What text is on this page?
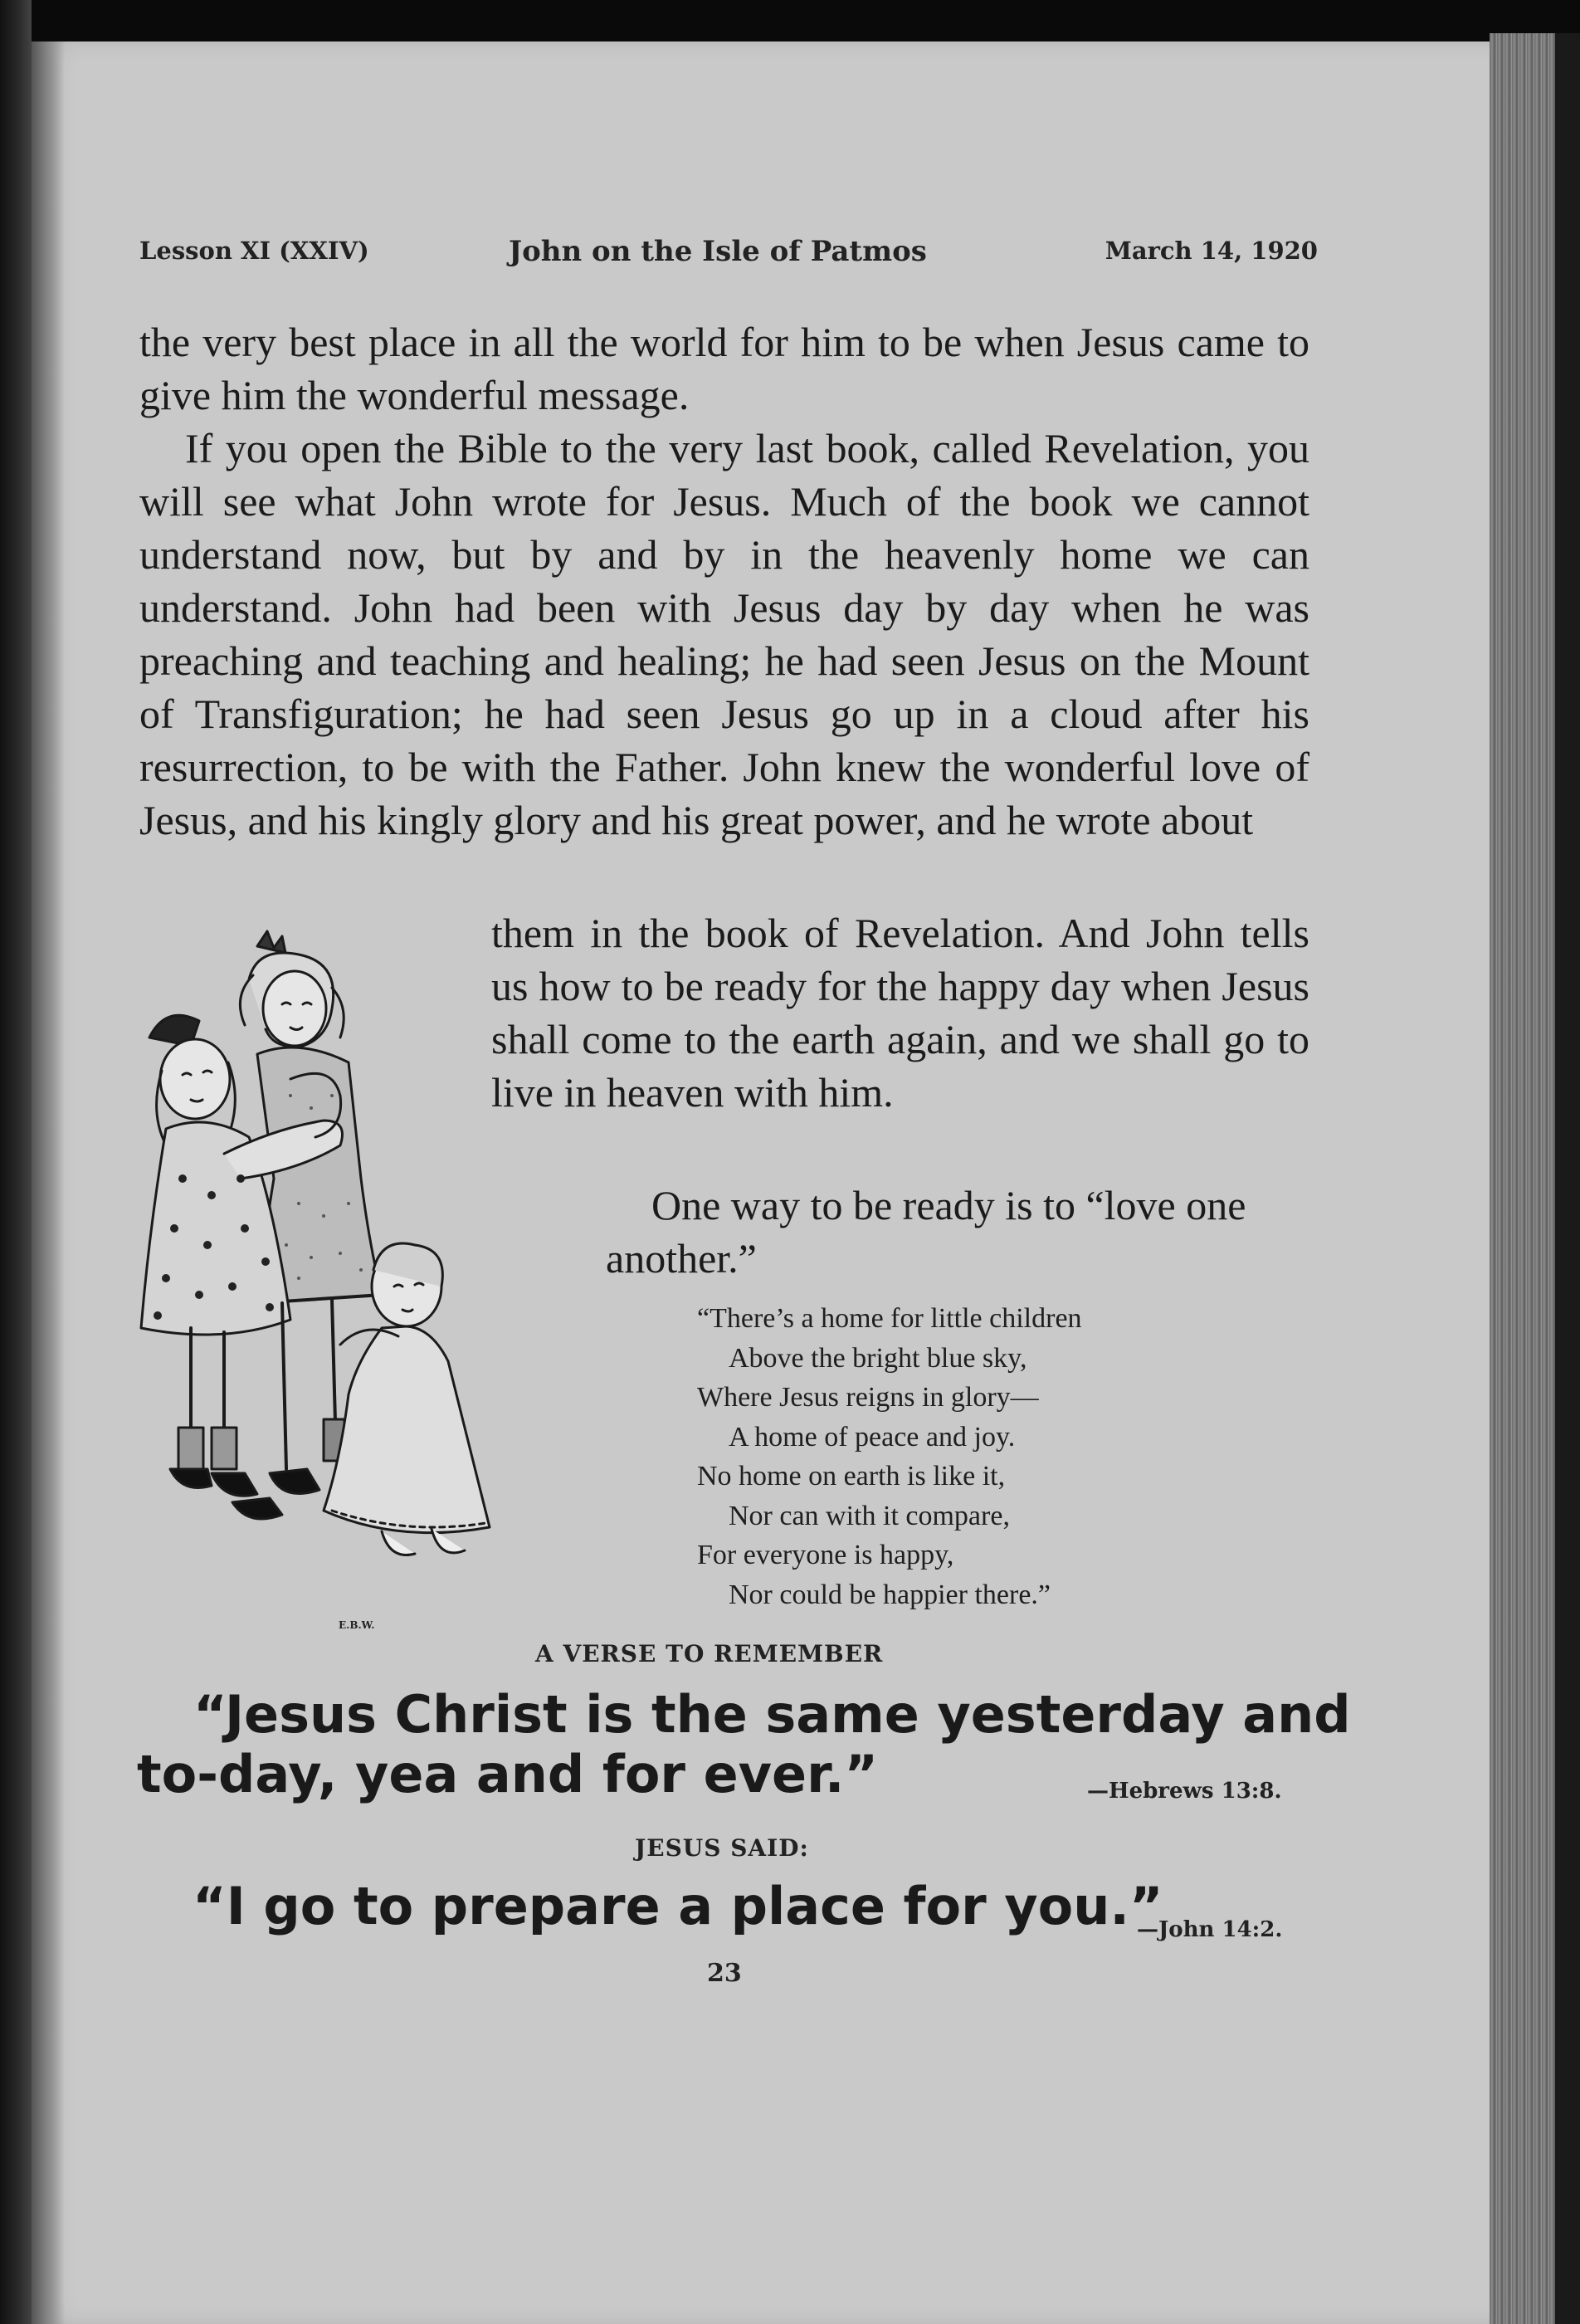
Lesson XI (XXIV)	John on the Isle of Patmos	March 14, 1920

the very best place in all the world for him to be when Jesus came to give him the wonderful message.

If you open the Bible to the very last book, called Revelation, you will see what John wrote for Jesus. Much of the book we cannot understand now, but by and by in the heavenly home we can understand. John had been with Jesus day by day when he was preaching and teaching and healing; he had seen Jesus on the Mount of Transfiguration; he had seen Jesus go up in a cloud after his resurrection, to be with the Father. John knew the wonderful love of Jesus, and his kingly glory and his great power, and he wrote about

them in the book of Revelation. And John tells us how to be ready for the happy day when Jesus shall come to the earth again, and we shall go to live in heaven with him.
One way to be ready is to “love one another.”
“There’s a home for little children
Above the bright blue sky,
Where Jesus reigns in glory—
A home of peace and joy.
No home on earth is like it,
Nor can with it compare,
For everyone is happy,
Nor could be happier there.”
E.B.W.
A VERSE TO REMEMBER
“Jesus Christ is the same yesterday and
to-day, yea and for ever.”	—Hebrews 13:8.
JESUS SAID:
“I go to prepare a place for you.”
—John 14:2.
23
